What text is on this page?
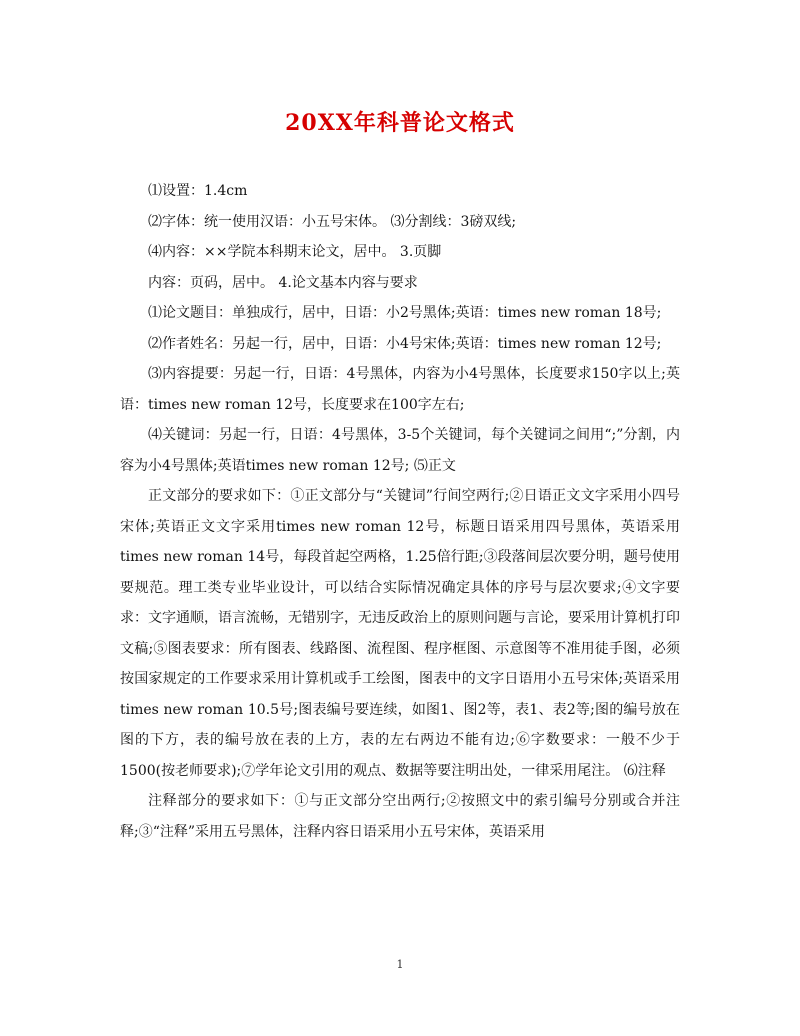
20XX年科普论文格式

⑴设置：1.4cm

⑵字体：统一使用汉语：小五号宋体。 ⑶分割线：3磅双线;

⑷内容：××学院本科期末论文，居中。 3.页脚

内容：页码，居中。 4.论文基本内容与要求

⑴论文题目：单独成行，居中，日语：小2号黑体;英语：times new roman 18号;

⑵作者姓名：另起一行，居中，日语：小4号宋体;英语：times new roman 12号;

⑶内容提要：另起一行，日语：4号黑体，内容为小4号黑体，长度要求150字以上;英语：times new roman 12号，长度要求在100字左右;

⑷关键词：另起一行，日语：4号黑体，3-5个关键词，每个关键词之间用“;”分割，内容为小4号黑体;英语times new roman 12号; ⑸正文

正文部分的要求如下：①正文部分与“关键词”行间空两行;②日语正文文字采用小四号宋体;英语正文文字采用times new roman 12号，标题日语采用四号黑体，英语采用times new roman 14号，每段首起空两格，1.25倍行距;③段落间层次要分明，题号使用要规范。理工类专业毕业设计，可以结合实际情况确定具体的序号与层次要求;④文字要求：文字通顺，语言流畅，无错别字，无违反政治上的原则问题与言论，要采用计算机打印文稿;⑤图表要求：所有图表、线路图、流程图、程序框图、示意图等不准用徒手图，必须按国家规定的工作要求采用计算机或手工绘图，图表中的文字日语用小五号宋体;英语采用times new roman 10.5号;图表编号要连续，如图1、图2等，表1、表2等;图的编号放在图的下方，表的编号放在表的上方，表的左右两边不能有边;⑥字数要求：一般不少于1500(按老师要求);⑦学年论文引用的观点、数据等要注明出处，一律采用尾注。 ⑹注释

注释部分的要求如下：①与正文部分空出两行;②按照文中的索引编号分别或合并注释;③“注释”采用五号黑体，注释内容日语采用小五号宋体，英语采用

1
